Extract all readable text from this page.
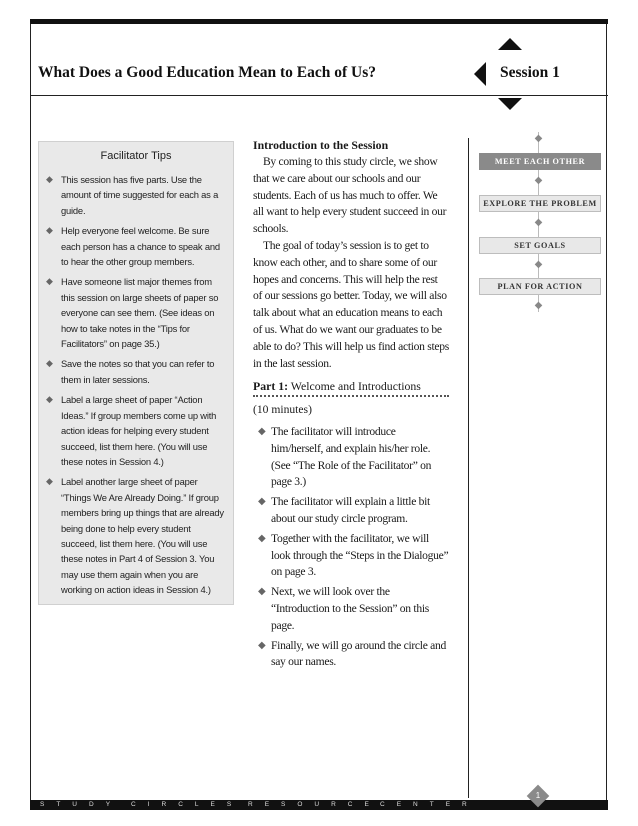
What Does a Good Education Mean to Each of Us?	Session 1
Facilitator Tips
◆ This session has five parts. Use the amount of time suggested for each as a guide.
◆ Help everyone feel welcome. Be sure each person has a chance to speak and to hear the other group members.
◆ Have someone list major themes from this session on large sheets of paper so everyone can see them. (See ideas on how to take notes in the “Tips for Facilitators” on page 35.)
◆ Save the notes so that you can refer to them in later sessions.
◆ Label a large sheet of paper “Action Ideas.” If group members come up with action ideas for helping every student succeed, list them here. (You will use these notes in Session 4.)
◆ Label another large sheet of paper “Things We Are Already Doing.” If group members bring up things that are already being done to help every student succeed, list them here. (You will use these notes in Part 4 of Session 3. You may use them again when you are working on action ideas in Session 4.)
Introduction to the Session

By coming to this study circle, we show that we care about our schools and our students. Each of us has much to offer. We all want to help every student succeed in our schools.

The goal of today’s session is to get to know each other, and to share some of our hopes and concerns. This will help the rest of our sessions go better. Today, we will also talk about what an education means to each of us. What do we want our graduates to be able to do? This will help us find action steps in the last session.

Part 1: Welcome and Introductions
(10 minutes)
◆ The facilitator will introduce him/herself, and explain his/her role. (See “The Role of the Facilitator” on page 3.)
◆ The facilitator will explain a little bit about our study circle program.
◆ Together with the facilitator, we will look through the “Steps in the Dialogue” on page 3.
◆ Next, we will look over the “Introduction to the Session” on this page.
◆ Finally, we will go around the circle and say our names.
◆
MEET EACH OTHER
◆
EXPLORE THE PROBLEM
◆
SET GOALS
◆
PLAN FOR ACTION
◆
STUDY CIRCLES RESOURCE CENTER
1
